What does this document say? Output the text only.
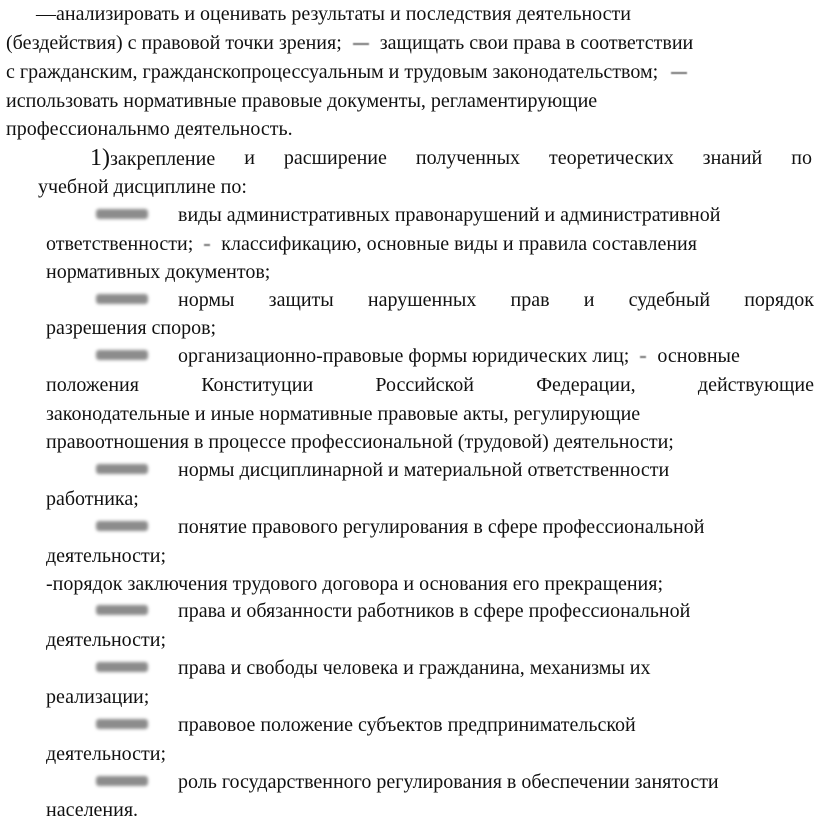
—анализировать и оценивать результаты и последствия деятельности
(бездействия) с правовой точки зрения; защищать свои права в соответствии
с гражданским, гражданскопроцессуальным и трудовым законодательством;
использовать нормативные правовые документы, регламентирующие
профессиональнмо деятельность.
1)закрепление и расширение полученных теоретических знаний по
учебной дисциплине по:
виды административных правонарушений и административной
ответственности; классификацию, основные виды и правила составления
нормативных документов;
нормы защиты нарушенных прав и судебный порядок
разрешения споров;
организационно-правовые формы юридических лиц; основные
положения	Конституции	Российской	Федерации,	действующие
законодательные и иные нормативные правовые акты, регулирующие
правоотношения в процессе профессиональной (трудовой) деятельности;
нормы дисциплинарной и материальной ответственности
работника;
понятие правового регулирования в сфере профессиональной
деятельности;
-порядок заключения трудового договора и основания его прекращения;
права и обязанности работников в сфере профессиональной
деятельности;
права и свободы человека и гражданина, механизмы их
реализации;
правовое положение субъектов предпринимательской
деятельности;
роль государственного регулирования в обеспечении занятости
населения.
